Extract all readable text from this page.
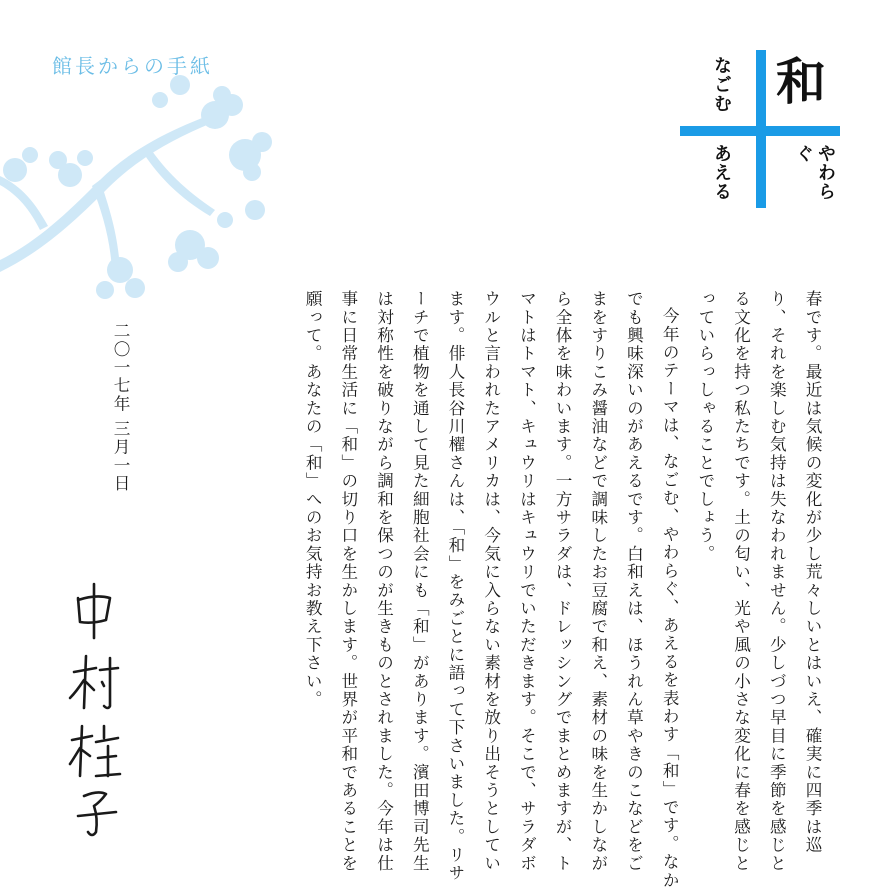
館長からの手紙	和
なごむ
やわらぐ
あえる

春です。最近は気候の変化が少し荒々しいとはいえ、確実に四季は巡り、それを楽しむ気持は失なわれません。少しづつ早目に季節を感じとる文化を持つ私たちです。土の匂い、光や風の小さな変化に春を感じとっていらっしゃることでしょう。

今年のテーマは、なごむ、やわらぐ、あえるを表わす「和」です。なかでも興味深いのがあえるです。白和えは、ほうれん草やきのこなどをごまをすりこみ醤油などで調味したお豆腐で和え、素材の味を生かしながら全体を味わいます。一方サラダは、ドレッシングでまとめますが、トマトはトマト、キュウリはキュウリでいただきます。そこで、サラダボウルと言われたアメリカは、今気に入らない素材を放り出そうとしています。俳人長谷川櫂さんは、「和」をみごとに語って下さいました。リサーチで植物を通して見た細胞社会にも「和」があります。濱田博司先生は対称性を破りながら調和を保つのが生きものとされました。今年は仕事に日常生活に「和」の切り口を生かします。世界が平和であることを願って。あなたの「和」へのお気持お教え下さい。

二〇一七年 三月一日
